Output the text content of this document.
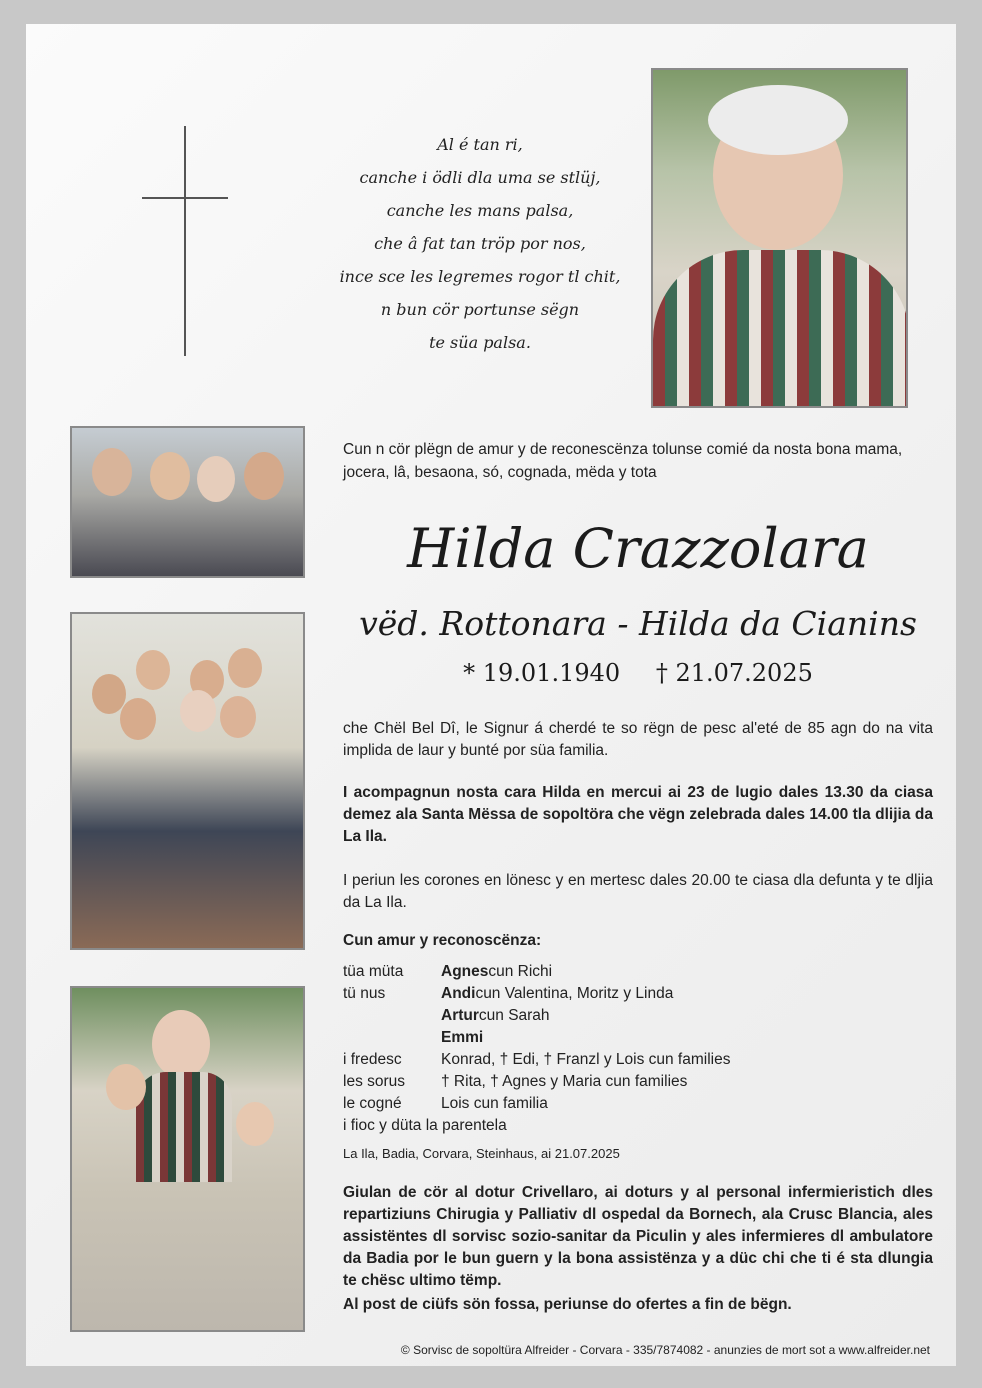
Al é tan ri,
canche i ödli dla uma se stlüj,
canche les mans palsa,
che â fat tan tröp por nos,
ince sce les legremes rogor tl chit,
n bun cör portunse sëgn
te süa palsa.
Cun n cör plëgn de amur y de reconescënza tolunse comié da nosta bona mama, jocera, lâ, besaona, só, cognada, mëda y tota
Hilda Crazzolara
vëd. Rottonara - Hilda da Cianins
* 19.01.1940 † 21.07.2025
che Chël Bel Dî, le Signur á cherdé te so rëgn de pesc al'eté de 85 agn do na vita implida de laur y bunté por süa familia.
I acompagnun nosta cara Hilda en mercui ai 23 de lugio dales 13.30 da ciasa demez ala Santa Mëssa de sopoltöra che vëgn zelebrada dales 14.00 tla dlijia da La Ila.
I periun les corones en lönesc y en mertesc dales 20.00 te ciasa dla defunta y te dljia da La Ila.
Cun amur y reconoscënza:
tüa müta	Agnes cun Richi
tü nus	Andi cun Valentina, Moritz y Linda
Artur cun Sarah
Emmi
i fredesc	Konrad, † Edi, † Franzl y Lois cun families
les sorus	† Rita, † Agnes y Maria cun families
le cogné	Lois cun familia
i fioc y düta la parentela
La Ila, Badia, Corvara, Steinhaus, ai 21.07.2025
Giulan de cör al dotur Crivellaro, ai doturs y al personal infermieristich dles repartiziuns Chirugia y Palliativ dl ospedal da Bornech, ala Crusc Blancia, ales assistëntes dl sorvisc sozio-sanitar da Piculin y ales infermieres dl ambulatore da Badia por le bun guern y la bona assistënza y a düc chi che ti é sta dlungia te chësc ultimo tëmp.
Al post de ciüfs sön fossa, periunse do ofertes a fin de bëgn.
© Sorvisc de sopoltüra Alfreider - Corvara - 335/7874082 - anunzies de mort sot a www.alfreider.net
